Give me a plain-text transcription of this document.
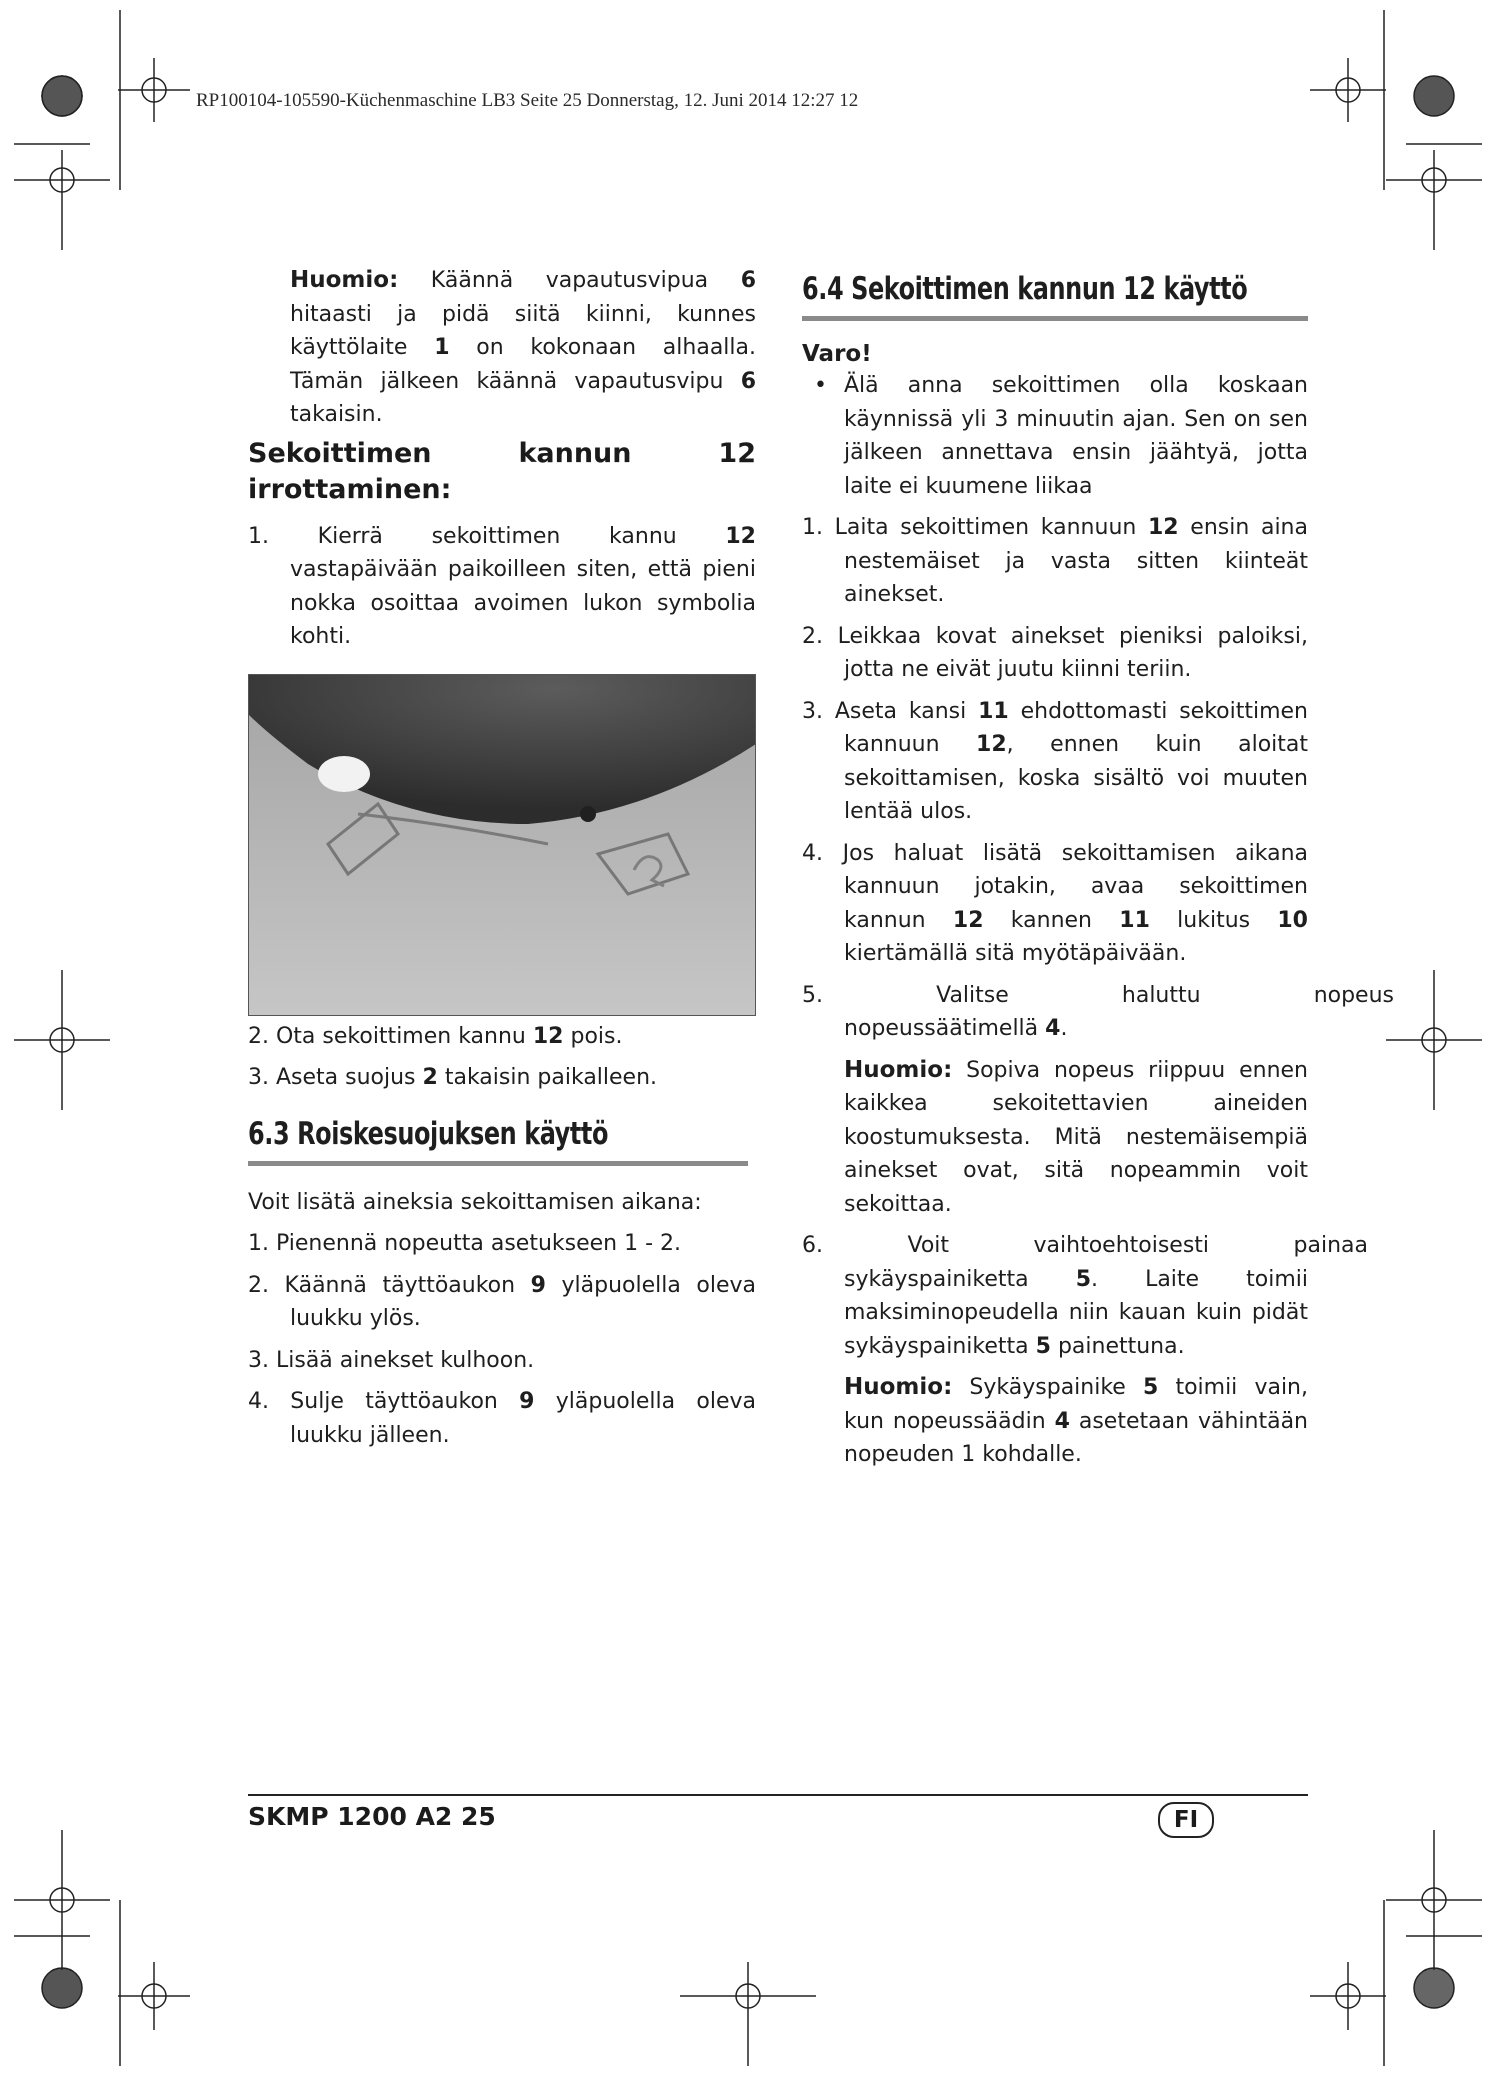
RP100104-105590-Küchenmaschine LB3 Seite 25 Donnerstag, 12. Juni 2014 12:27 12

Huomio: Käännä vapautusvipua 6 hitaasti ja pidä siitä kiinni, kunnes käyttölaite 1 on kokonaan alhaalla. Tämän jälkeen käännä vapautusvipu 6 takaisin.

Sekoittimen	kannun	12
irrottaminen:
1. Kierrä sekoittimen kannu 12

vastapäivään paikoilleen siten, että pieni nokka osoittaa avoimen lukon symbolia kohti.

2. Ota sekoittimen kannu 12 pois.

3. Aseta suojus 2 takaisin paikalleen.

6.3 Roiskesuojuksen käyttö

Voit lisätä aineksia sekoittamisen aikana:

1. Pienennä nopeutta asetukseen 1 - 2.

2. Käännä täyttöaukon 9 yläpuolella oleva luukku ylös.

3. Lisää ainekset kulhoon.

4. Sulje täyttöaukon 9 yläpuolella oleva luukku jälleen.

6.4 Sekoittimen kannun 12 käyttö

Varo!

• Älä anna sekoittimen olla koskaan käynnissä yli 3 minuutin ajan. Sen on sen jälkeen annettava ensin jäähtyä, jotta laite ei kuumene liikaa

1. Laita sekoittimen kannuun 12 ensin aina nestemäiset ja vasta sitten kiinteät ainekset.

2. Leikkaa kovat ainekset pieniksi paloiksi, jotta ne eivät juutu kiinni teriin.

3. Aseta kansi 11 ehdottomasti sekoittimen kannuun 12, ennen kuin aloitat sekoittamisen, koska sisältö voi muuten lentää ulos.

4. Jos haluat lisätä sekoittamisen aikana kannuun jotakin, avaa sekoittimen kannun 12 kannen 11 lukitus 10 kiertämällä sitä myötäpäivään.

5.	Valitse	haluttu	nopeus

nopeussäätimellä 4.

Huomio: Sopiva nopeus riippuu ennen kaikkea sekoitettavien aineiden koostumuksesta. Mitä nestemäisempiä ainekset ovat, sitä nopeammin voit sekoittaa.

6.	Voit	vaihtoehtoisesti	painaa

sykäyspainiketta 5. Laite toimii maksiminopeudella niin kauan kuin pidät sykäyspainiketta 5 painettuna.

Huomio: Sykäyspainike 5 toimii vain, kun nopeussäädin 4 asetetaan vähintään nopeuden 1 kohdalle.

SKMP 1200 A2 25	FI
